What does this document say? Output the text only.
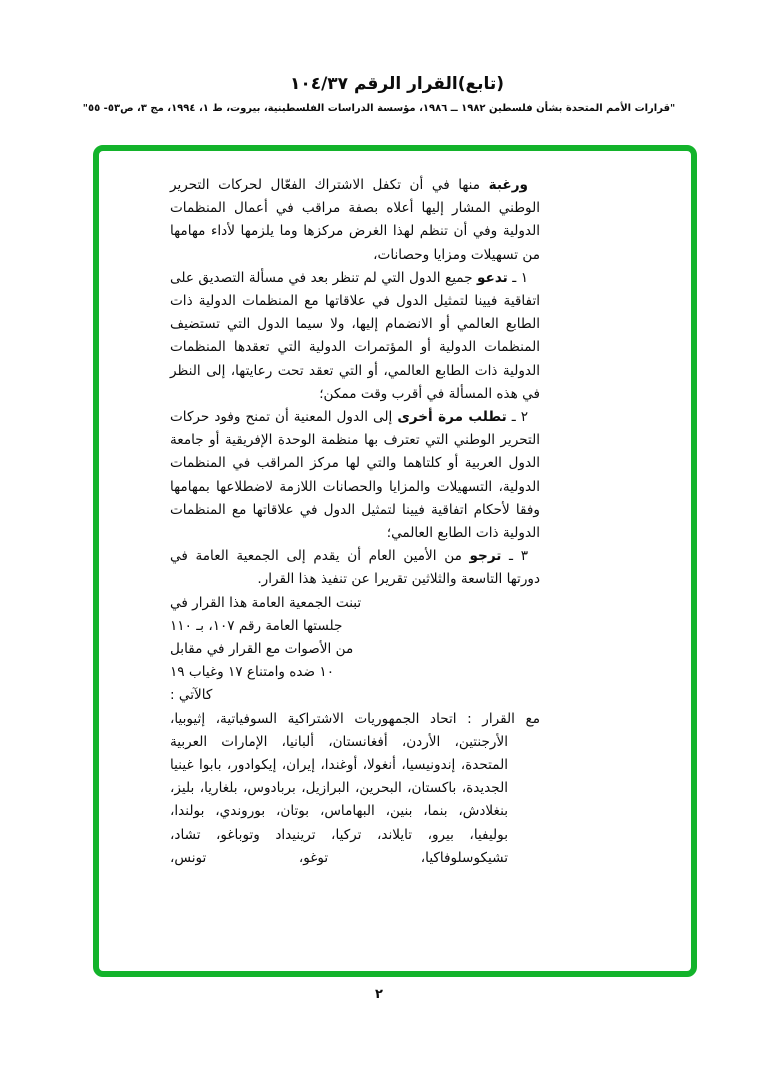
(تابع)القرار الرقم ١٠٤/٣٧
"قرارات الأمم المتحدة بشأن فلسطين ١٩٨٢ ــ ١٩٨٦، مؤسسة الدراسات الفلسطينية، بيروت، ط ١، ١٩٩٤، مج ٣، ص٥٣- ٥٥"

ورغبة منها في أن تكفل الاشتراك الفعّال لحركات التحرير الوطني المشار إليها أعلاه بصفة مراقب في أعمال المنظمات الدولية وفي أن تنظم لهذا الغرض مركزها وما يلزمها لأداء مهامها من تسهيلات ومزايا وحصانات،

١ ـ تدعو جميع الدول التي لم تنظر بعد في مسألة التصديق على اتفاقية فيينا لتمثيل الدول في علاقاتها مع المنظمات الدولية ذات الطابع العالمي أو الانضمام إليها، ولا سيما الدول التي تستضيف المنظمات الدولية أو المؤتمرات الدولية التي تعقدها المنظمات الدولية ذات الطابع العالمي، أو التي تعقد تحت رعايتها، إلى النظر في هذه المسألة في أقرب وقت ممكن؛

٢ ـ تطلب مرة أخرى إلى الدول المعنية أن تمنح وفود حركات التحرير الوطني التي تعترف بها منظمة الوحدة الإفريقية أو جامعة الدول العربية أو كلتاهما والتي لها مركز المراقب في المنظمات الدولية، التسهيلات والمزايا والحصانات اللازمة لاضطلاعها بمهامها وفقا لأحكام اتفاقية فيينا لتمثيل الدول في علاقاتها مع المنظمات الدولية ذات الطابع العالمي؛

٣ ـ ترجو من الأمين العام أن يقدم إلى الجمعية العامة في دورتها التاسعة والثلاثين تقريرا عن تنفيذ هذا القرار.

تبنت الجمعية العامة هذا القرار في
جلستها العامة رقم ١٠٧، بـ ١١٠
من الأصوات مع القرار في مقابل
١٠ ضده وامتناع ١٧ وغياب ١٩
كالآتي :

مع القرار : اتحاد الجمهوريات الاشتراكية السوفياتية، إثيوبيا، الأرجنتين، الأردن، أفغانستان، ألبانيا، الإمارات العربية المتحدة، إندونيسيا، أنغولا، أوغندا، إيران، إيكوادور، بابوا غينيا الجديدة، باكستان، البحرين، البرازيل، بربادوس، بلغاريا، بليز، بنغلادش، بنما، بنين، البهاماس، بوتان، بوروندي، بولندا، بوليفيا، بيرو، تايلاند، تركيا، ترينيداد وتوباغو، تشاد، تشيكوسلوفاكيا، توغو، تونس،

٢
